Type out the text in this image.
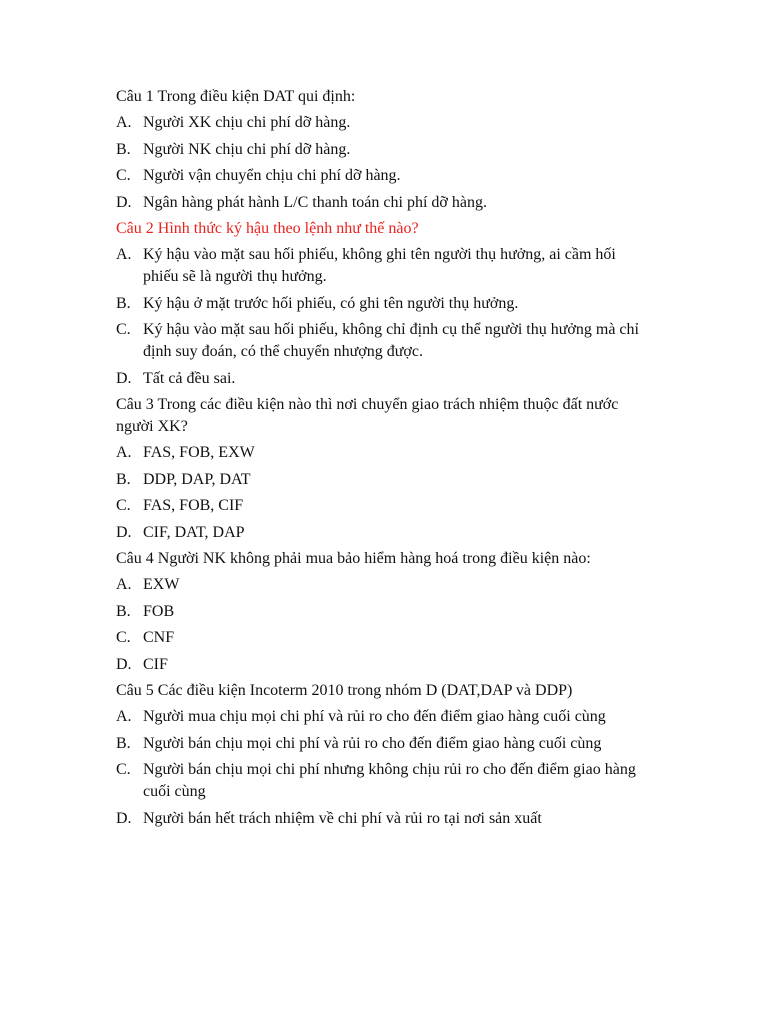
Câu 1 Trong điều kiện DAT qui định:
A. Người XK chịu chi phí dỡ hàng.
B. Người NK chịu chi phí dỡ hàng.
C. Người vận chuyển chịu chi phí dỡ hàng.
D. Ngân hàng phát hành L/C thanh toán chi phí dỡ hàng.
Câu 2 Hình thức ký hậu theo lệnh như thế nào?
A. Ký hậu vào mặt sau hối phiếu, không ghi tên người thụ hưởng, ai cầm hối phiếu sẽ là người thụ hưởng.
B. Ký hậu ở mặt trước hối phiếu, có ghi tên người thụ hưởng.
C. Ký hậu vào mặt sau hối phiếu, không chỉ định cụ thể người thụ hưởng mà chỉ định suy đoán, có thể chuyển nhượng được.
D. Tất cả đều sai.
Câu 3 Trong các điều kiện nào thì nơi chuyển giao trách nhiệm thuộc đất nước người XK?
A. FAS, FOB, EXW
B. DDP, DAP, DAT
C. FAS, FOB, CIF
D. CIF, DAT, DAP
Câu 4 Người NK không phải mua bảo hiểm hàng hoá trong điều kiện nào:
A. EXW
B. FOB
C. CNF
D. CIF
Câu 5 Các điều kiện Incoterm 2010 trong nhóm D (DAT,DAP và DDP)
A. Người mua chịu mọi chi phí và rủi ro cho đến điểm giao hàng cuối cùng
B. Người bán chịu mọi chi phí và rủi ro cho đến điểm giao hàng cuối cùng
C. Người bán chịu mọi chi phí nhưng không chịu rủi ro cho đến điểm giao hàng cuối cùng
D. Người bán hết trách nhiệm về chi phí và rủi ro tại nơi sản xuất
